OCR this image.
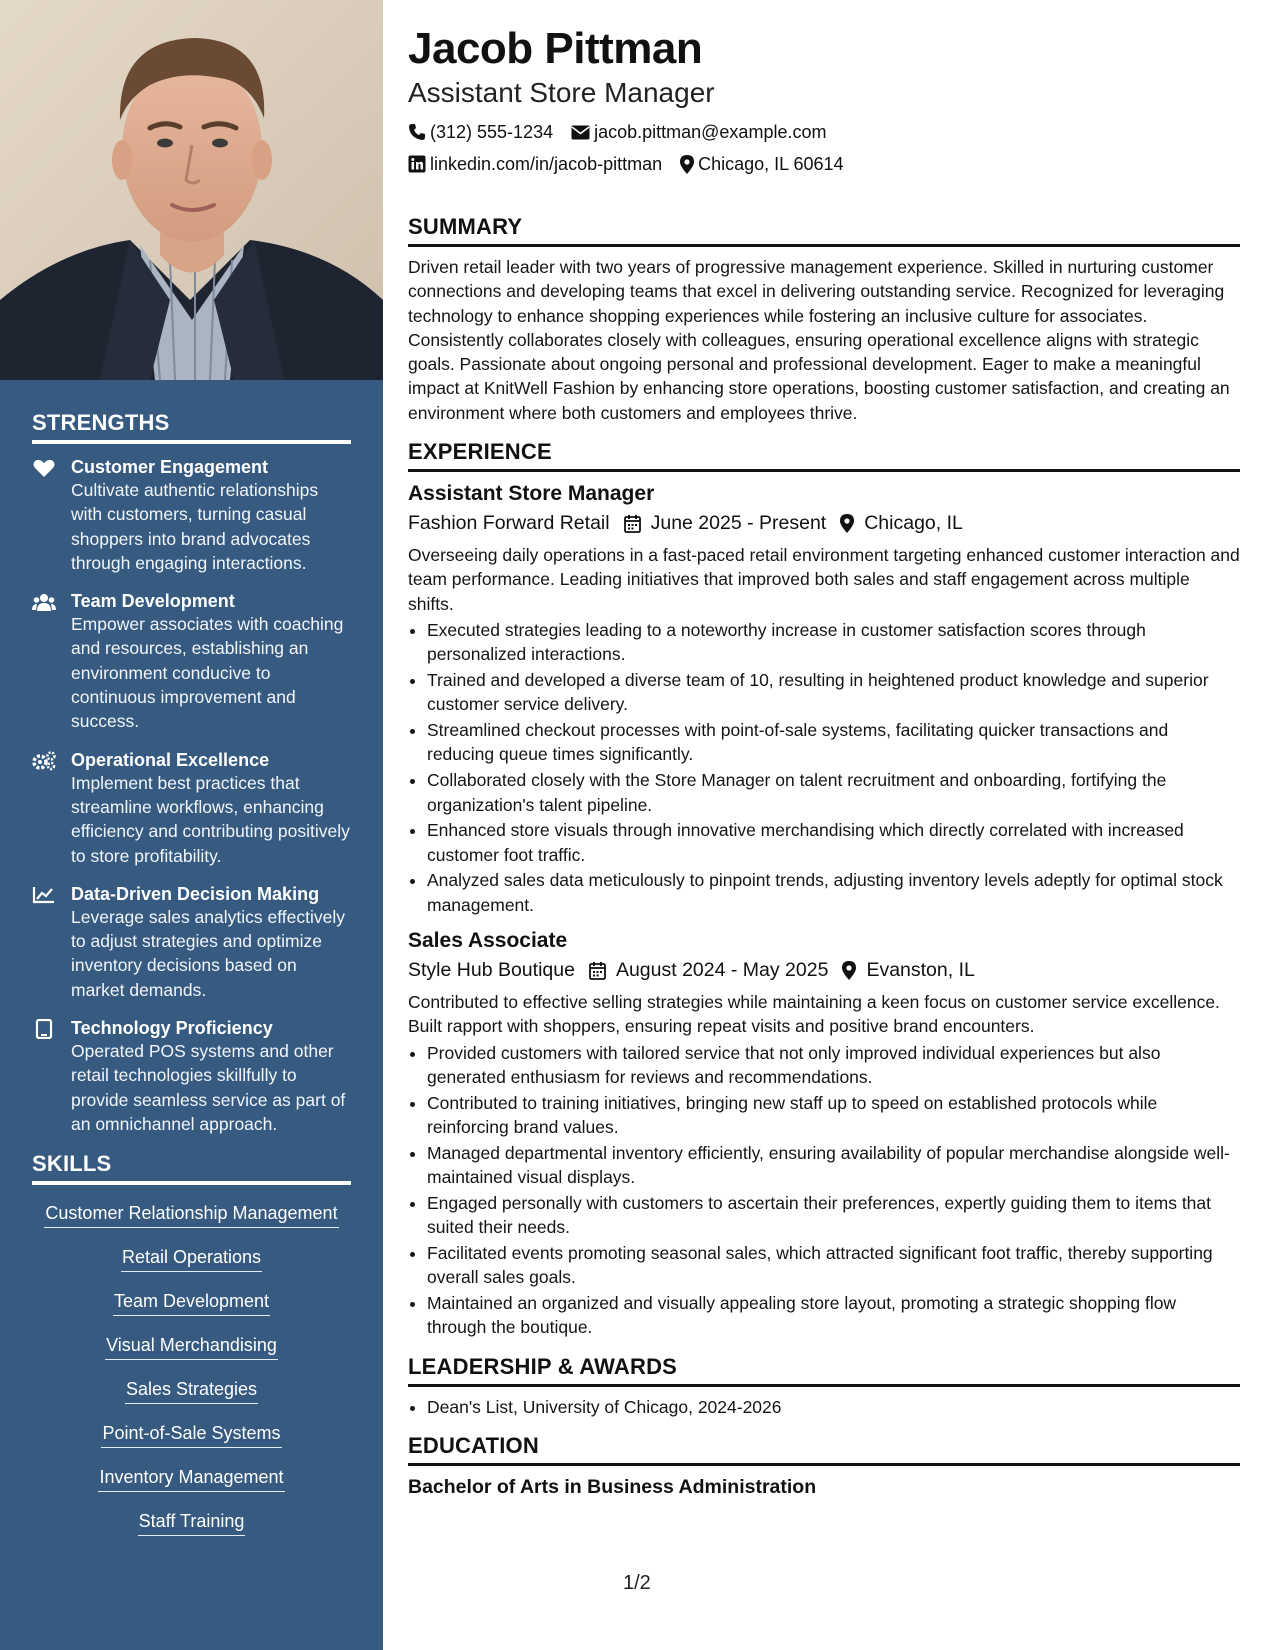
STRENGTHS
Customer Engagement
Cultivate authentic relationships with customers, turning casual shoppers into brand advocates through engaging interactions.
Team Development
Empower associates with coaching and resources, establishing an environment conducive to continuous improvement and success.
Operational Excellence
Implement best practices that streamline workflows, enhancing efficiency and contributing positively to store profitability.
Data-Driven Decision Making
Leverage sales analytics effectively to adjust strategies and optimize inventory decisions based on market demands.
Technology Proficiency
Operated POS systems and other retail technologies skillfully to provide seamless service as part of an omnichannel approach.
SKILLS
Customer Relationship Management
Retail Operations
Team Development
Visual Merchandising
Sales Strategies
Point-of-Sale Systems
Inventory Management
Staff Training
Jacob Pittman
Assistant Store Manager
(312) 555-1234 jacob.pittman@example.com
linkedin.com/in/jacob-pittman Chicago, IL 60614
SUMMARY
Driven retail leader with two years of progressive management experience. Skilled in nurturing customer connections and developing teams that excel in delivering outstanding service. Recognized for leveraging technology to enhance shopping experiences while fostering an inclusive culture for associates. Consistently collaborates closely with colleagues, ensuring operational excellence aligns with strategic goals. Passionate about ongoing personal and professional development. Eager to make a meaningful impact at KnitWell Fashion by enhancing store operations, boosting customer satisfaction, and creating an environment where both customers and employees thrive.
EXPERIENCE
Assistant Store Manager
Fashion Forward Retail June 2025 - Present Chicago, IL
Overseeing daily operations in a fast-paced retail environment targeting enhanced customer interaction and team performance. Leading initiatives that improved both sales and staff engagement across multiple shifts.
• Executed strategies leading to a noteworthy increase in customer satisfaction scores through personalized interactions.
• Trained and developed a diverse team of 10, resulting in heightened product knowledge and superior customer service delivery.
• Streamlined checkout processes with point-of-sale systems, facilitating quicker transactions and reducing queue times significantly.
• Collaborated closely with the Store Manager on talent recruitment and onboarding, fortifying the organization's talent pipeline.
• Enhanced store visuals through innovative merchandising which directly correlated with increased customer foot traffic.
• Analyzed sales data meticulously to pinpoint trends, adjusting inventory levels adeptly for optimal stock management.
Sales Associate
Style Hub Boutique August 2024 - May 2025 Evanston, IL
Contributed to effective selling strategies while maintaining a keen focus on customer service excellence. Built rapport with shoppers, ensuring repeat visits and positive brand encounters.
• Provided customers with tailored service that not only improved individual experiences but also generated enthusiasm for reviews and recommendations.
• Contributed to training initiatives, bringing new staff up to speed on established protocols while reinforcing brand values.
• Managed departmental inventory efficiently, ensuring availability of popular merchandise alongside well-maintained visual displays.
• Engaged personally with customers to ascertain their preferences, expertly guiding them to items that suited their needs.
• Facilitated events promoting seasonal sales, which attracted significant foot traffic, thereby supporting overall sales goals.
• Maintained an organized and visually appealing store layout, promoting a strategic shopping flow through the boutique.
LEADERSHIP & AWARDS
• Dean's List, University of Chicago, 2024-2026
EDUCATION
Bachelor of Arts in Business Administration
1/2
